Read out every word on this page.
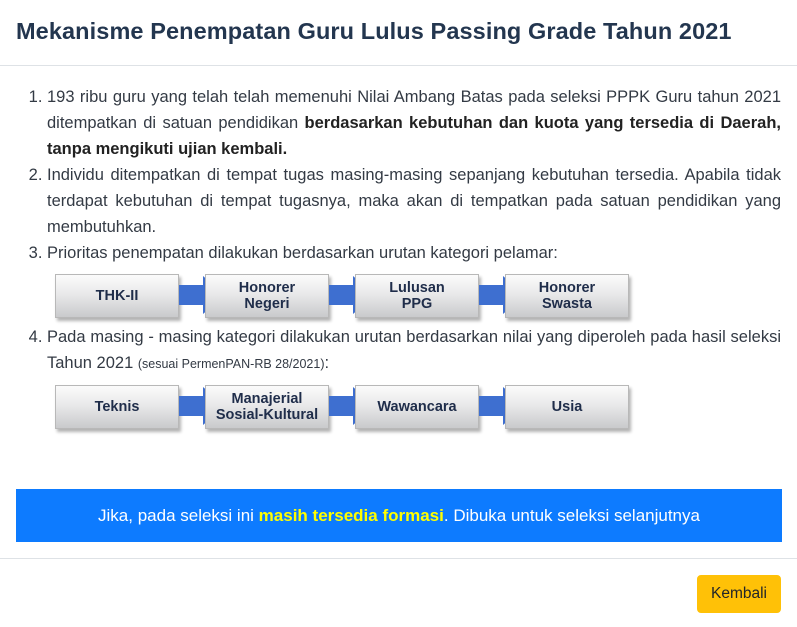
Mekanisme Penempatan Guru Lulus Passing Grade Tahun 2021
1. 193 ribu guru yang telah telah memenuhi Nilai Ambang Batas pada seleksi PPPK Guru tahun 2021 ditempatkan di satuan pendidikan berdasarkan kebutuhan dan kuota yang tersedia di Daerah, tanpa mengikuti ujian kembali.
2. Individu ditempatkan di tempat tugas masing-masing sepanjang kebutuhan tersedia. Apabila tidak terdapat kebutuhan di tempat tugasnya, maka akan di tempatkan pada satuan pendidikan yang membutuhkan.
3. Prioritas penempatan dilakukan berdasarkan urutan kategori pelamar:
THK-II	Honorer
Negeri
Lulusan
PPG
Honorer
Swasta
4. Pada masing - masing kategori dilakukan urutan berdasarkan nilai yang diperoleh pada hasil seleksi Tahun 2021 (sesuai PermenPAN-RB 28/2021):
Teknis	Manajerial
Sosial-Kultural	Wawancara	Usia
Jika, pada seleksi ini masih tersedia formasi . Dibuka untuk seleksi selanjutnya
Kembali
